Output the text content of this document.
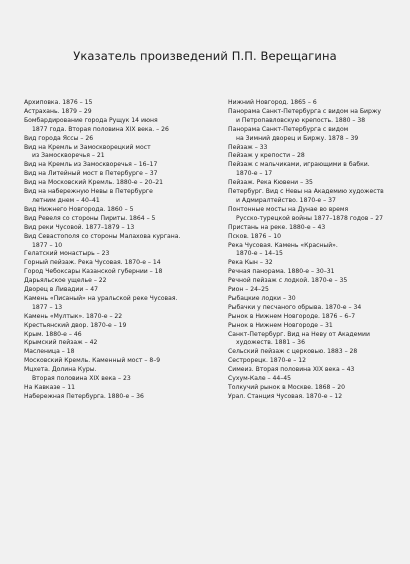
Указатель произведений П.П. Верещагина
Архиповка. 1876 – 15
Астрахань. 1879 – 29
Бомбардирование города Рущук 14 июня
1877 года. Вторая половина XIX века. – 26
Вид города Яссы – 26
Вид на Кремль и Замоскворецкий мост
из Замоскворечья – 21
Вид на Кремль из Замоскворечья – 16–17
Вид на Литейный мост в Петербурге – 37
Вид на Московский Кремль. 1880-е – 20–21
Вид на набережную Невы в Петербурге
летним днем – 40–41
Вид Нижнего Новгорода. 1860 – 5
Вид Ревеля со стороны Пириты. 1864 – 5
Вид реки Чусовой. 1877–1879 – 13
Вид Севастополя со стороны Малахова кургана.
1877 – 10
Гелатский монастырь – 23
Горный пейзаж. Река Чусовая. 1870-е – 14
Город Чебоксары Казанской губернии – 18
Дарьяльское ущелье – 22
Дворец в Ливадии – 47
Камень «Писаный» на уральской реке Чусовая.
1877 – 13
Камень «Мултык». 1870-е – 22
Крестьянский двор. 1870-е – 19
Крым. 1880-е – 46
Крымский пейзаж – 42
Масленица – 18
Московский Кремль. Каменный мост – 8–9
Мцхета. Долина Куры.
Вторая половина XIX века – 23
На Кавказе – 11
Набережная Петербурга. 1880-е – 36
Нижний Новгород. 1865 – 6
Панорама Санкт-Петербурга с видом на Биржу
и Петропавловскую крепость. 1880 – 38
Панорама Санкт-Петербурга с видом
на Зимний дворец и Биржу. 1878 – 39
Пейзаж – 33
Пейзаж у крепости – 28
Пейзаж с мальчиками, играющими в бабки.
1870-е – 17
Пейзаж. Река Кювени – 35
Петербург. Вид с Невы на Академию художеств
и Адмиралтейство. 1870-е – 37
Понтонные мосты на Дунае во время
Русско-турецкой войны 1877–1878 годов – 27
Пристань на реке. 1880-е – 43
Псков. 1876 – 10
Река Чусовая. Камень «Красный».
1870-е – 14–15
Река Кын – 32
Речная панорама. 1880-е – 30–31
Речной пейзаж с лодкой. 1870-е – 35
Рион – 24–25
Рыбацкие лодки – 30
Рыбачки у песчаного обрыва. 1870-е – 34
Рынок в Нижнем Новгороде. 1876 – 6–7
Рынок в Нижнем Новгороде – 31
Санкт-Петербург. Вид на Неву от Академии
художеств. 1881 – 36
Сельский пейзаж с церковью. 1883 – 28
Сестрорецк. 1870-е – 12
Симеиз. Вторая половина XIX века – 43
Сухум-Кале – 44–45
Толкучий рынок в Москве. 1868 – 20
Урал. Станция Чусовая. 1870-е – 12
